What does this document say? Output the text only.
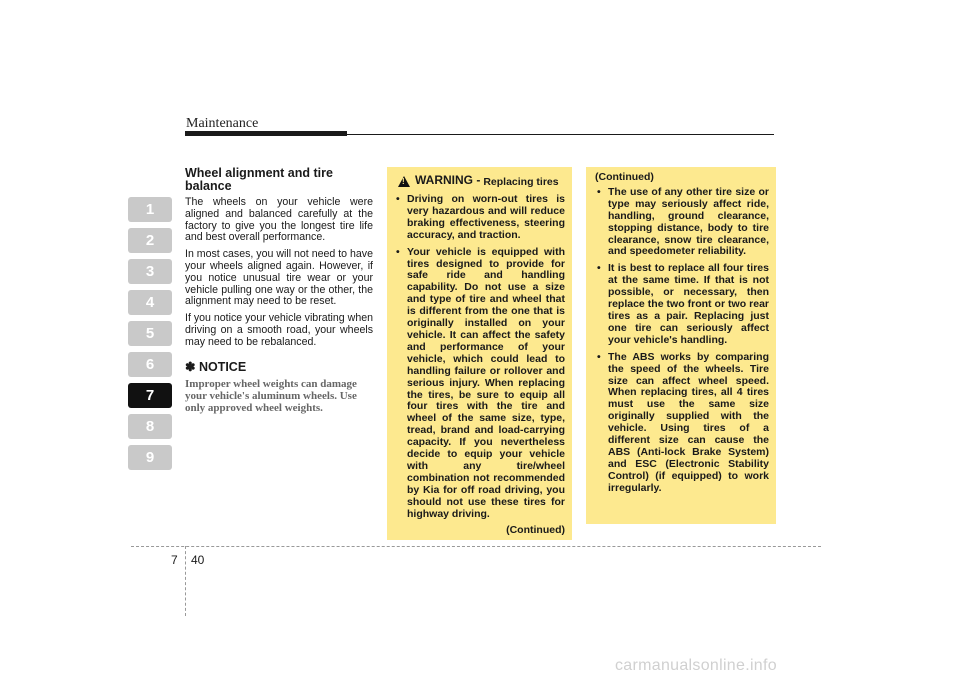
Maintenance
1
2
3
4
5
6
7
8
9
Wheel alignment and tire balance

The wheels on your vehicle were aligned and balanced carefully at the factory to give you the longest tire life and best overall performance.

In most cases, you will not need to have your wheels aligned again. However, if you notice unusual tire wear or your vehicle pulling one way or the other, the alignment may need to be reset.

If you notice your vehicle vibrating when driving on a smooth road, your wheels may need to be rebalanced.

✽ NOTICE
Improper wheel weights can damage your vehicle's aluminum wheels. Use only approved wheel weights.
! WARNING - Replacing tires
• Driving on worn-out tires is very hazardous and will reduce braking effectiveness, steering accuracy, and traction.
• Your vehicle is equipped with tires designed to provide for safe ride and handling capability. Do not use a size and type of tire and wheel that is different from the one that is originally installed on your vehicle. It can affect the safety and performance of your vehicle, which could lead to handling failure or rollover and serious injury. When replacing the tires, be sure to equip all four tires with the tire and wheel of the same size, type, tread, brand and load-carrying capacity. If you nevertheless decide to equip your vehicle with any tire/wheel combination not recommended by Kia for off road driving, you should not use these tires for highway driving.
(Continued)
(Continued)
• The use of any other tire size or type may seriously affect ride, handling, ground clearance, stopping distance, body to tire clearance, snow tire clearance, and speedometer reliability.
• It is best to replace all four tires at the same time. If that is not possible, or necessary, then replace the two front or two rear tires as a pair. Replacing just one tire can seriously affect your vehicle's handling.
• The ABS works by comparing the speed of the wheels. Tire size can affect wheel speed. When replacing tires, all 4 tires must use the same size originally supplied with the vehicle. Using tires of a different size can cause the ABS (Anti-lock Brake System) and ESC (Electronic Stability Control) (if equipped) to work irregularly.
7 40
carmanualsonline.info
